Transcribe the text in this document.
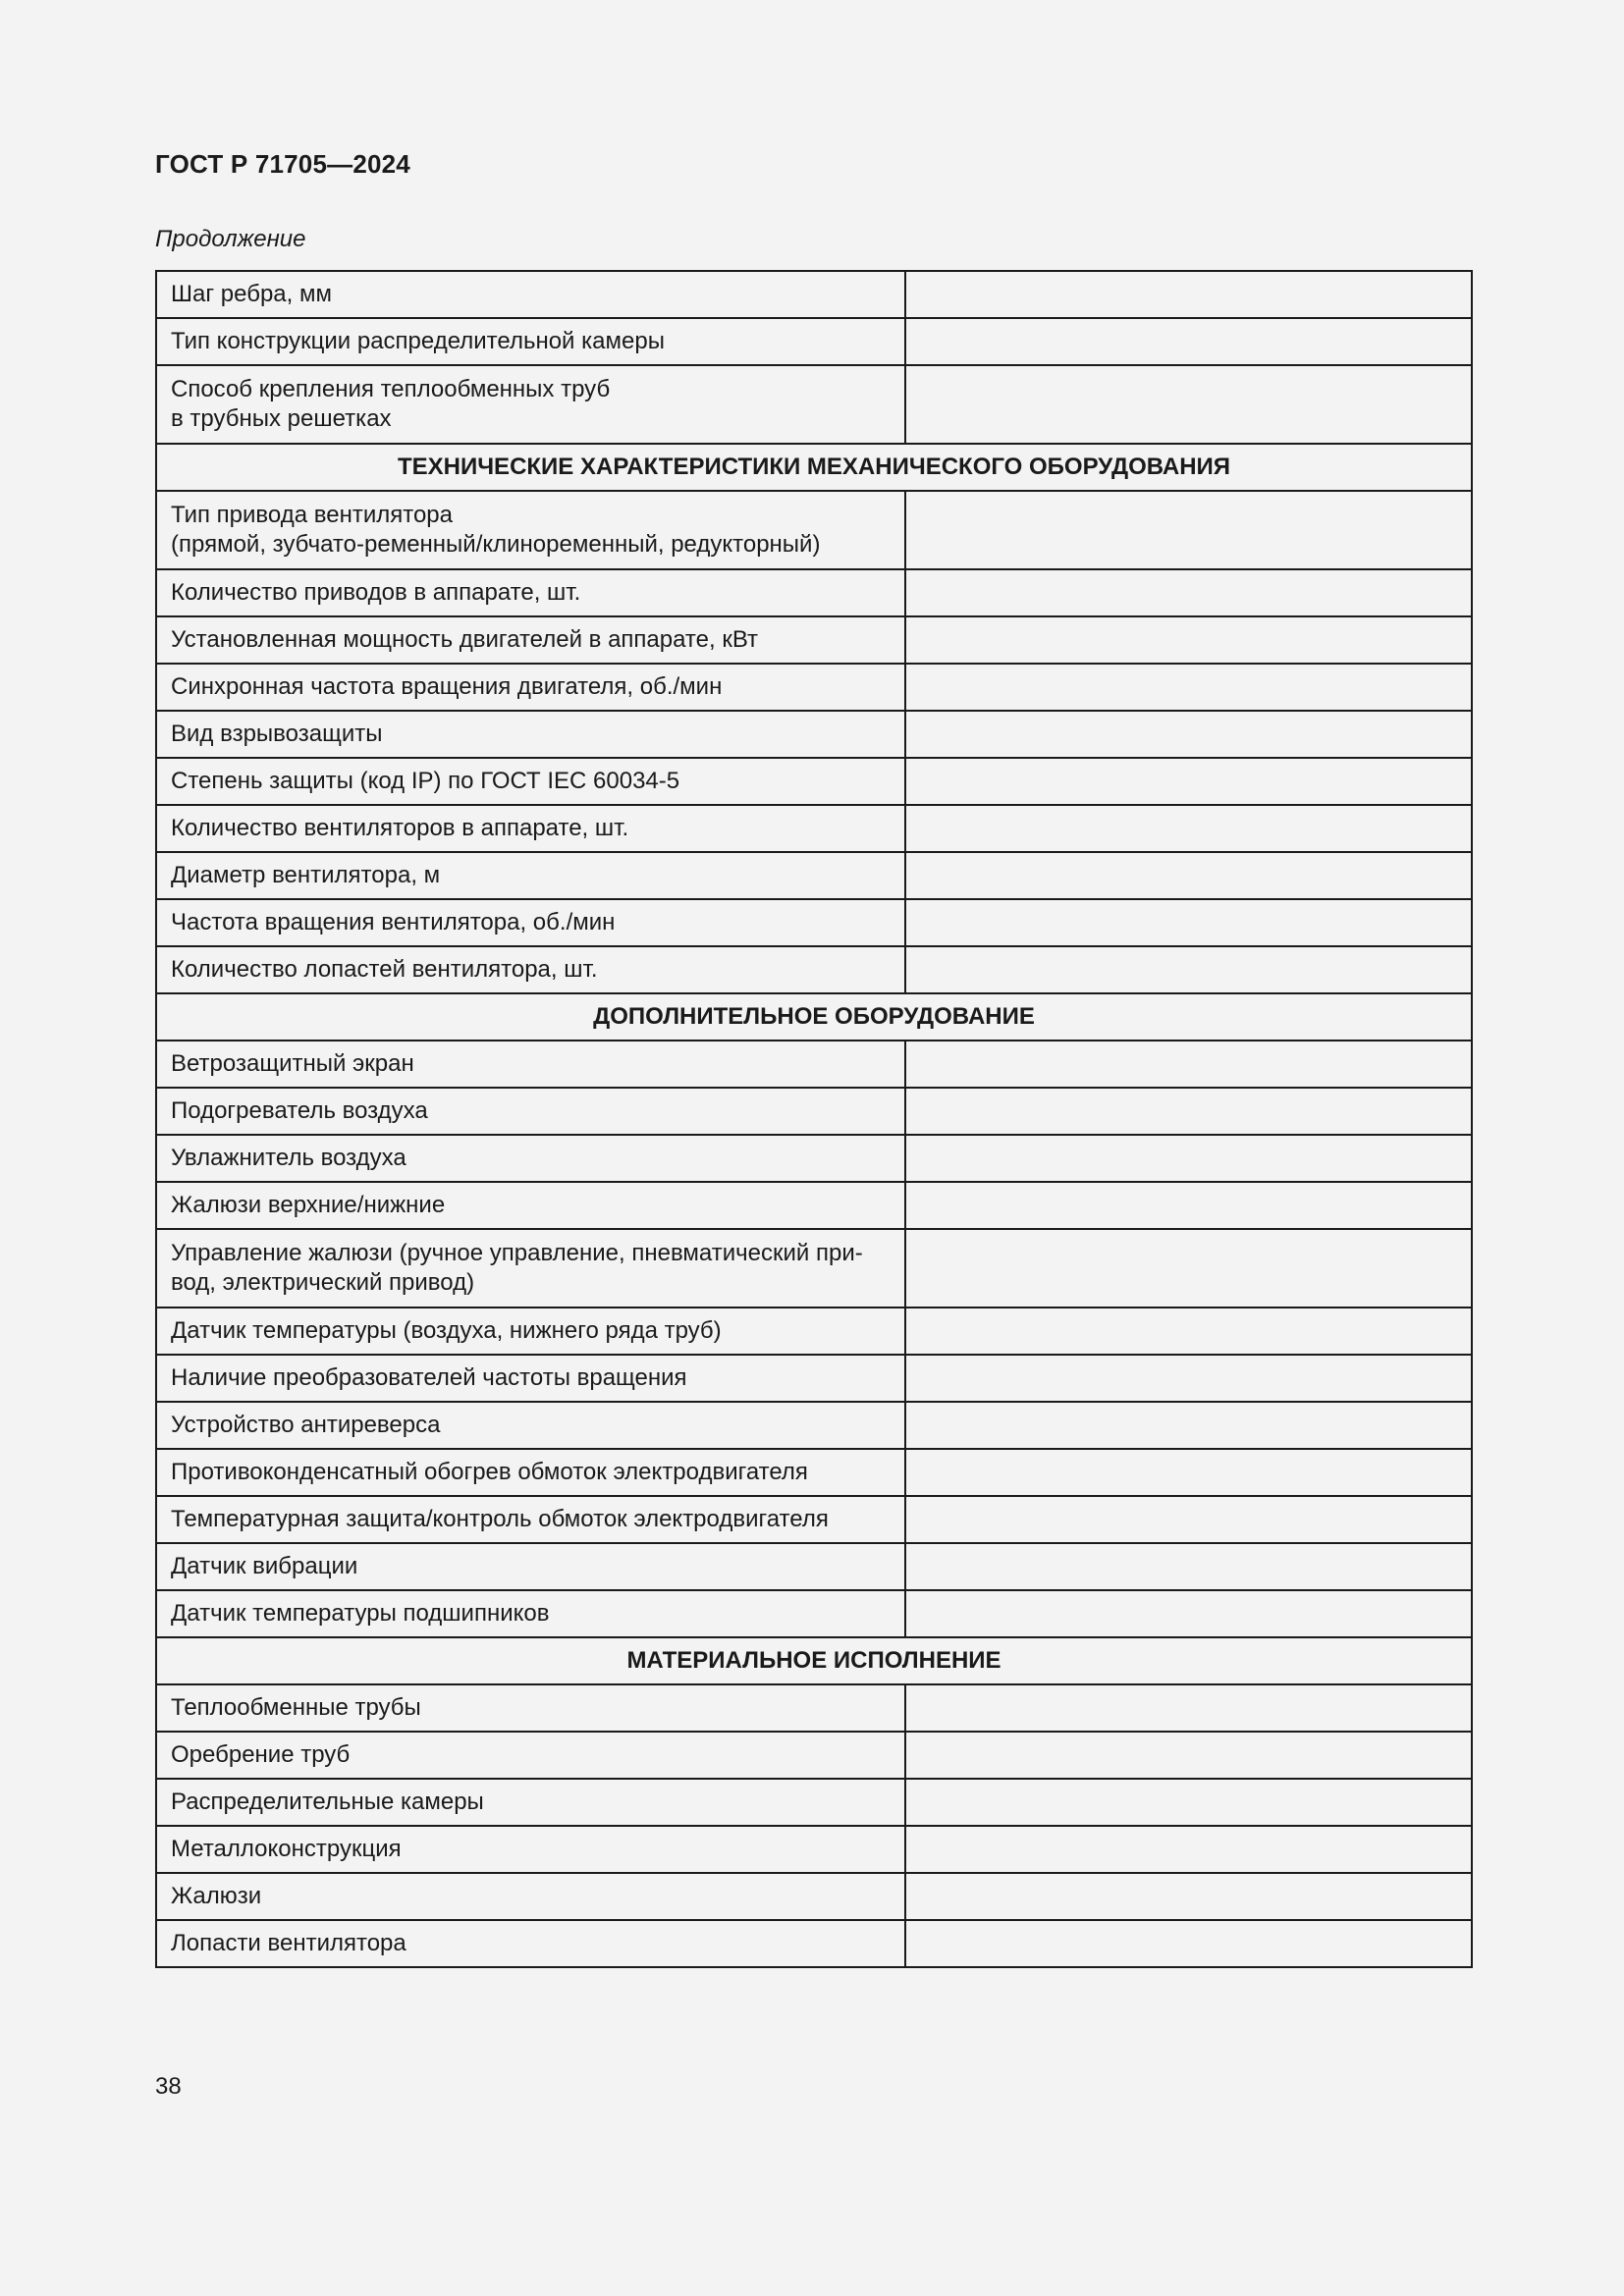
ГОСТ Р 71705—2024
Продолжение
Шаг ребра, мм	

Тип конструкции распределительной камеры	

Способ крепления теплообменных труб
в трубных решетках	

ТЕХНИЧЕСКИЕ ХАРАКТЕРИСТИКИ МЕХАНИЧЕСКОГО ОБОРУДОВАНИЯ	

Тип привода вентилятора
(прямой, зубчато-ременный/клиноременный, редукторный)	

Количество приводов в аппарате, шт.	

Установленная мощность двигателей в аппарате, кВт	

Синхронная частота вращения двигателя, об./мин	

Вид взрывозащиты	

Степень защиты (код IP) по ГОСТ IEC 60034-5	

Количество вентиляторов в аппарате, шт.	

Диаметр вентилятора, м	

Частота вращения вентилятора, об./мин	

Количество лопастей вентилятора, шт.	

ДОПОЛНИТЕЛЬНОЕ ОБОРУДОВАНИЕ	

Ветрозащитный экран	

Подогреватель воздуха	

Увлажнитель воздуха	

Жалюзи верхние/нижние	

Управление жалюзи (ручное управление, пневматический при-
вод, электрический привод)	

Датчик температуры (воздуха, нижнего ряда труб)	

Наличие преобразователей частоты вращения	

Устройство антиреверса	

Противоконденсатный обогрев обмоток электродвигателя	

Температурная защита/контроль обмоток электродвигателя	

Датчик вибрации	

Датчик температуры подшипников	

МАТЕРИАЛЬНОЕ ИСПОЛНЕНИЕ	

Теплообменные трубы	

Оребрение труб	

Распределительные камеры	

Металлоконструкция	

Жалюзи	

Лопасти вентилятора	

38
